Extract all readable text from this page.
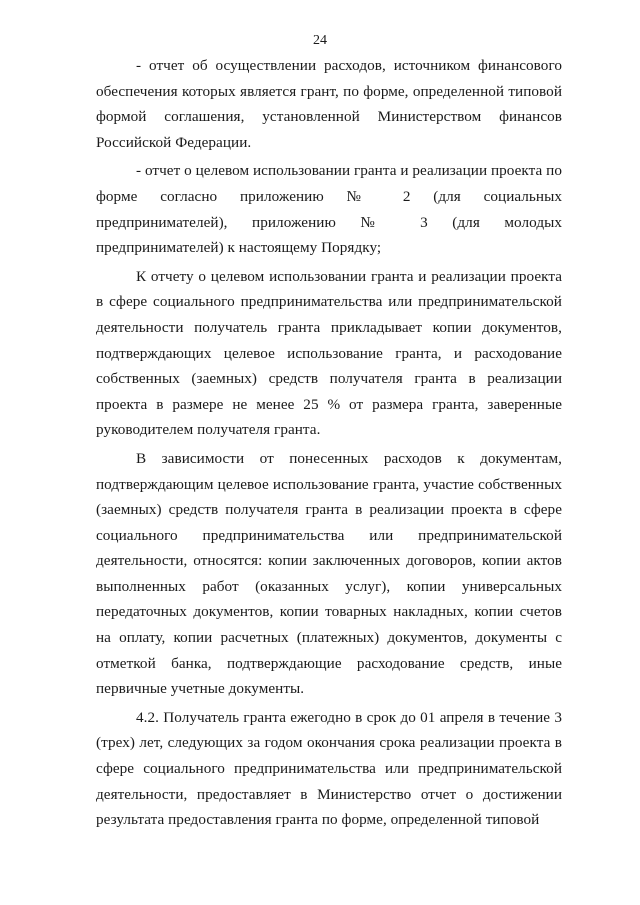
24

- отчет об осуществлении расходов, источником финансового обеспечения которых является грант, по форме, определенной типовой формой соглашения, установленной Министерством финансов Российской Федерации.

- отчет о целевом использовании гранта и реализации проекта по форме согласно приложению № 2 (для социальных предпринимателей), приложению № 3 (для молодых предпринимателей) к настоящему Порядку;

К отчету о целевом использовании гранта и реализации проекта в сфере социального предпринимательства или предпринимательской деятельности получатель гранта прикладывает копии документов, подтверждающих целевое использование гранта, и расходование собственных (заемных) средств получателя гранта в реализации проекта в размере не менее 25 % от размера гранта, заверенные руководителем получателя гранта.

В зависимости от понесенных расходов к документам, подтверждающим целевое использование гранта, участие собственных (заемных) средств получателя гранта в реализации проекта в сфере социального предпринимательства или предпринимательской деятельности, относятся: копии заключенных договоров, копии актов выполненных работ (оказанных услуг), копии универсальных передаточных документов, копии товарных накладных, копии счетов на оплату, копии расчетных (платежных) документов, документы с отметкой банка, подтверждающие расходование средств, иные первичные учетные документы.

4.2. Получатель гранта ежегодно в срок до 01 апреля в течение 3 (трех) лет, следующих за годом окончания срока реализации проекта в сфере социального предпринимательства или предпринимательской деятельности, предоставляет в Министерство отчет о достижении результата предоставления гранта по форме, определенной типовой
